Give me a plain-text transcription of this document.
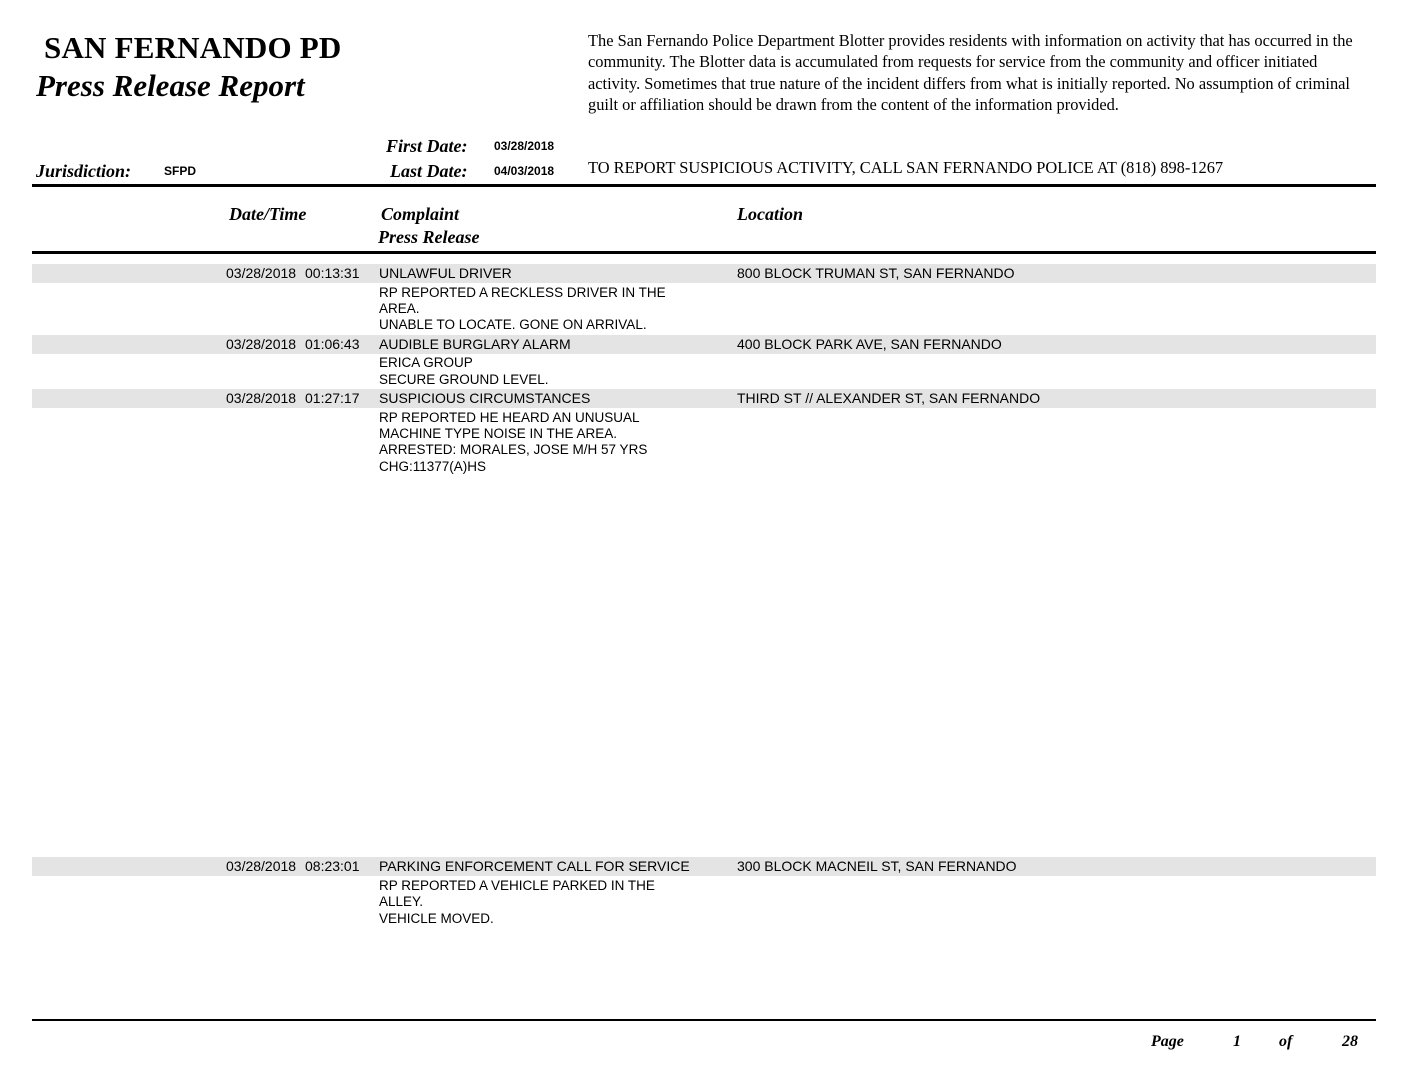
SAN FERNANDO PD
Press Release Report
The San Fernando Police Department Blotter provides residents with information on activity that has occurred in the community. The Blotter data is accumulated from requests for service from the community and officer initiated activity. Sometimes that true nature of the incident differs from what is initially reported. No assumption of criminal guilt or affiliation should be drawn from the content of the information provided.
First Date: 03/28/2018
Jurisdiction:	SFPD	Last Date: 04/03/2018 TO REPORT SUSPICIOUS ACTIVITY, CALL SAN FERNANDO POLICE AT (818) 898-1267
Date/Time	Complaint
Press Release
Location
03/28/2018 00:13:31 UNLAWFUL DRIVER	800 BLOCK TRUMAN ST, SAN FERNANDO
RP REPORTED A RECKLESS DRIVER IN THE
AREA.
UNABLE TO LOCATE. GONE ON ARRIVAL.
03/28/2018 01:06:43 AUDIBLE BURGLARY ALARM	400 BLOCK PARK AVE, SAN FERNANDO
ERICA GROUP
SECURE GROUND LEVEL.
03/28/2018 01:27:17 SUSPICIOUS CIRCUMSTANCES	THIRD ST // ALEXANDER ST, SAN FERNANDO
RP REPORTED HE HEARD AN UNUSUAL
MACHINE TYPE NOISE IN THE AREA.
ARRESTED: MORALES, JOSE M/H 57 YRS
CHG:11377(A)HS
03/28/2018 08:23:01 PARKING ENFORCEMENT CALL FOR SERVICE	300 BLOCK MACNEIL ST, SAN FERNANDO
RP REPORTED A VEHICLE PARKED IN THE
ALLEY.
VEHICLE MOVED.
Page	1 of	28
